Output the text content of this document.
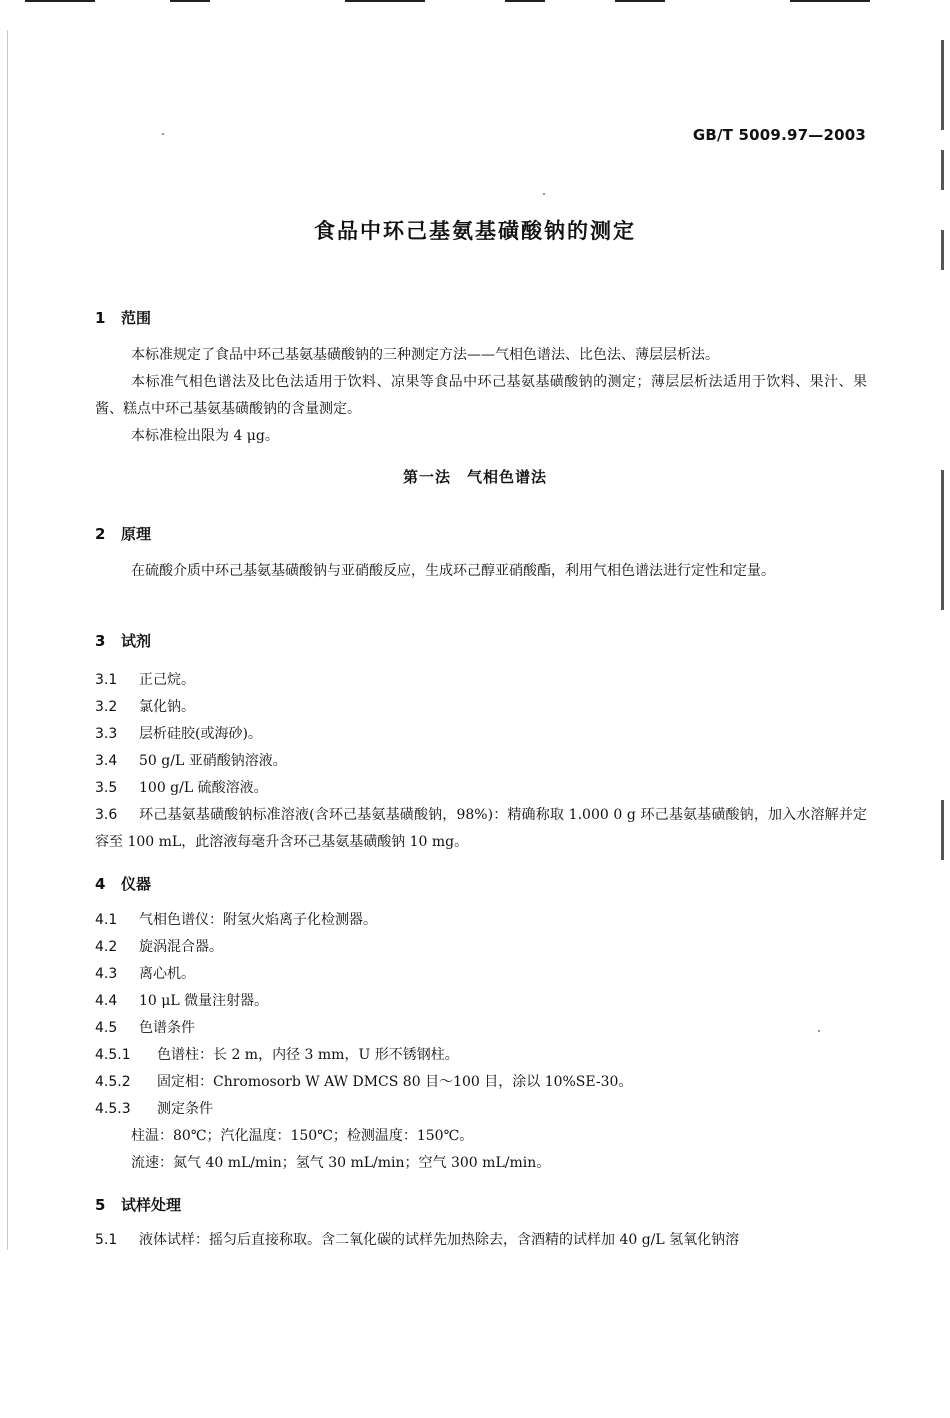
GB/T 5009.97—2003
食品中环己基氨基磺酸钠的测定
1 范围
本标准规定了食品中环己基氨基磺酸钠的三种测定方法——气相色谱法、比色法、薄层层析法。
本标准气相色谱法及比色法适用于饮料、凉果等食品中环己基氨基磺酸钠的测定；薄层层析法适用于饮料、果汁、果酱、糕点中环己基氨基磺酸钠的含量测定。
本标准检出限为 4 μg。
第一法　气相色谱法
2 原理
在硫酸介质中环己基氨基磺酸钠与亚硝酸反应，生成环己醇亚硝酸酯，利用气相色谱法进行定性和定量。
3 试剂
3.1 正己烷。
3.2 氯化钠。
3.3 层析硅胶(或海砂)。
3.4 50 g/L 亚硝酸钠溶液。
3.5 100 g/L 硫酸溶液。
3.6 环己基氨基磺酸钠标准溶液(含环己基氨基磺酸钠，98%)：精确称取 1.000 0 g 环己基氨基磺酸钠，加入水溶解并定容至 100 mL，此溶液每毫升含环己基氨基磺酸钠 10 mg。
4 仪器
4.1 气相色谱仪：附氢火焰离子化检测器。
4.2 旋涡混合器。
4.3 离心机。
4.4 10 μL 微量注射器。
4.5 色谱条件
4.5.1 色谱柱：长 2 m，内径 3 mm，U 形不锈钢柱。
4.5.2 固定相：Chromosorb W AW DMCS 80 目～100 目，涂以 10%SE-30。
4.5.3 测定条件
柱温：80℃；汽化温度：150℃；检测温度：150℃。
流速：氮气 40 mL/min；氢气 30 mL/min；空气 300 mL/min。
5 试样处理
5.1 液体试样：摇匀后直接称取。含二氧化碳的试样先加热除去，含酒精的试样加 40 g/L 氢氧化钠溶
